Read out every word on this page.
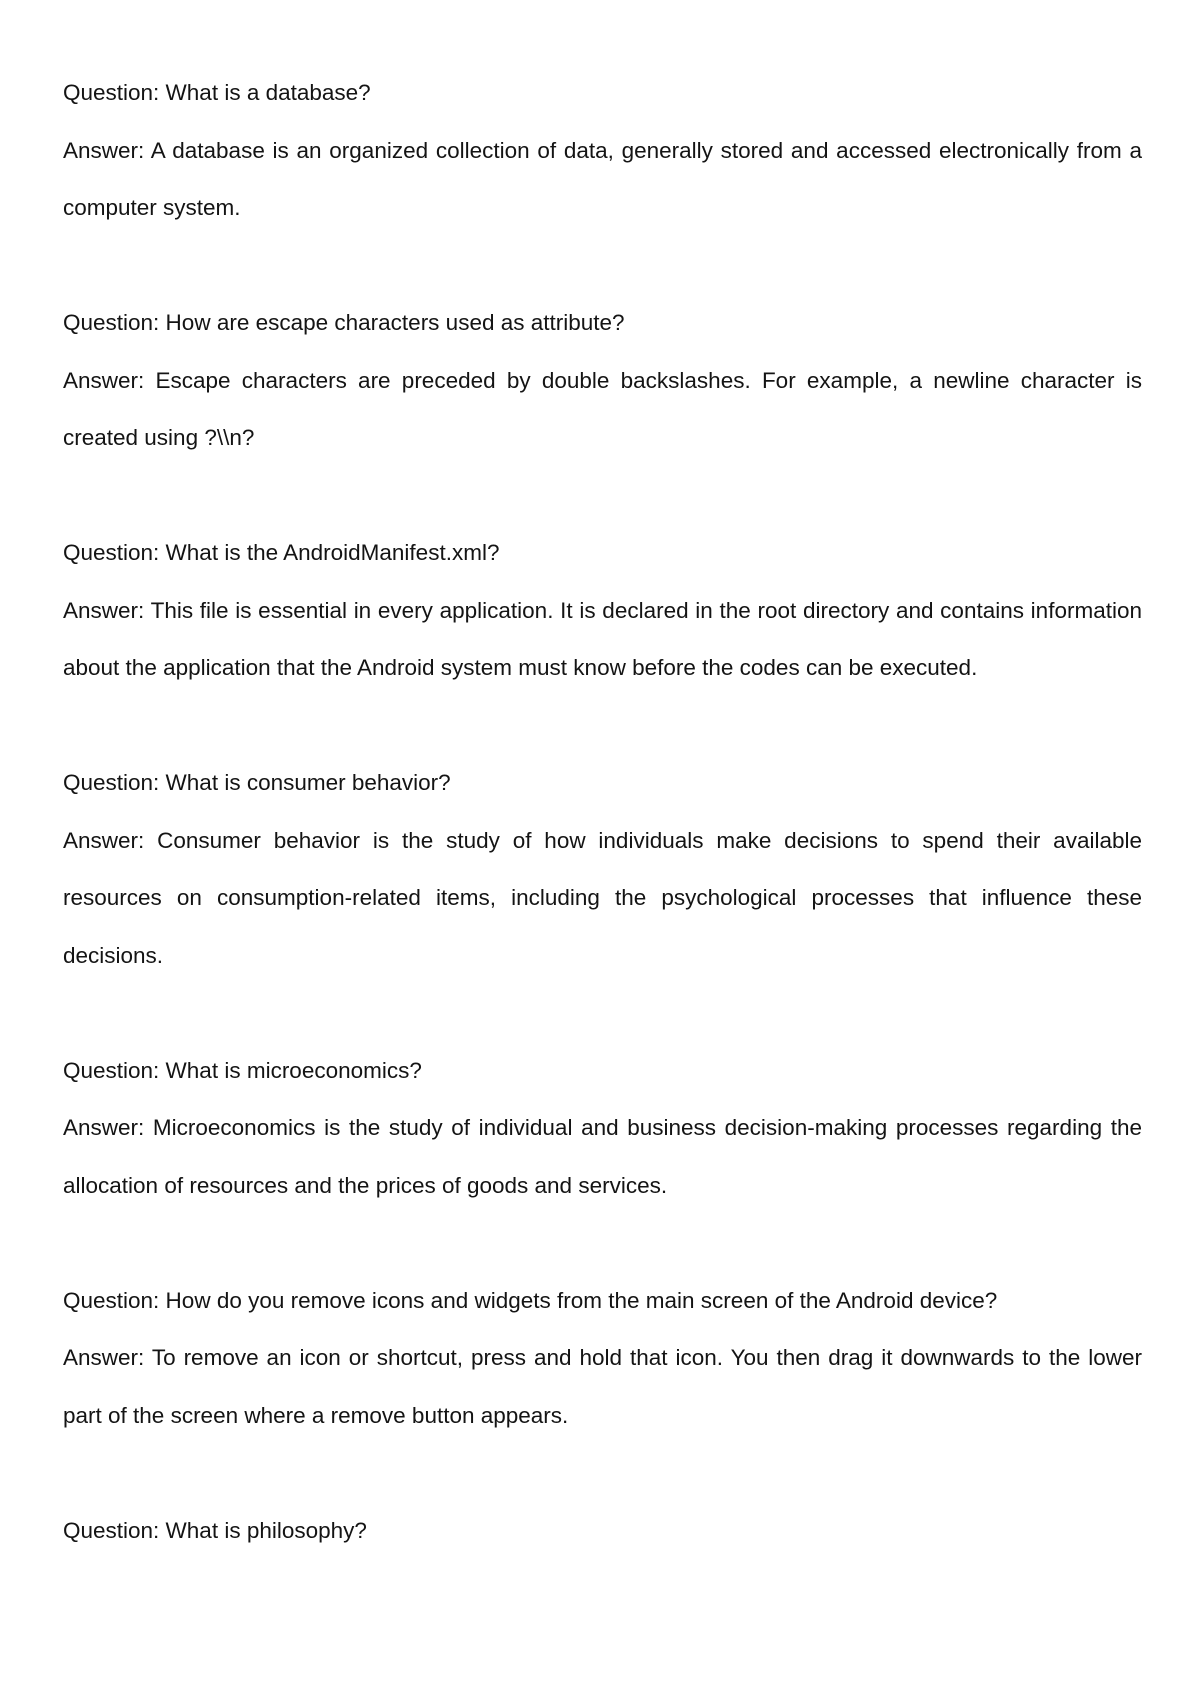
Question: What is a database?

Answer: A database is an organized collection of data, generally stored and accessed electronically from a computer system.

Question: How are escape characters used as attribute?

Answer: Escape characters are preceded by double backslashes. For example, a newline character is created using ?\\n?

Question: What is the AndroidManifest.xml?

Answer: This file is essential in every application. It is declared in the root directory and contains information about the application that the Android system must know before the codes can be executed.

Question: What is consumer behavior?

Answer: Consumer behavior is the study of how individuals make decisions to spend their available resources on consumption-related items, including the psychological processes that influence these decisions.

Question: What is microeconomics?

Answer: Microeconomics is the study of individual and business decision-making processes regarding the allocation of resources and the prices of goods and services.

Question: How do you remove icons and widgets from the main screen of the Android device?

Answer: To remove an icon or shortcut, press and hold that icon. You then drag it downwards to the lower part of the screen where a remove button appears.

Question: What is philosophy?
